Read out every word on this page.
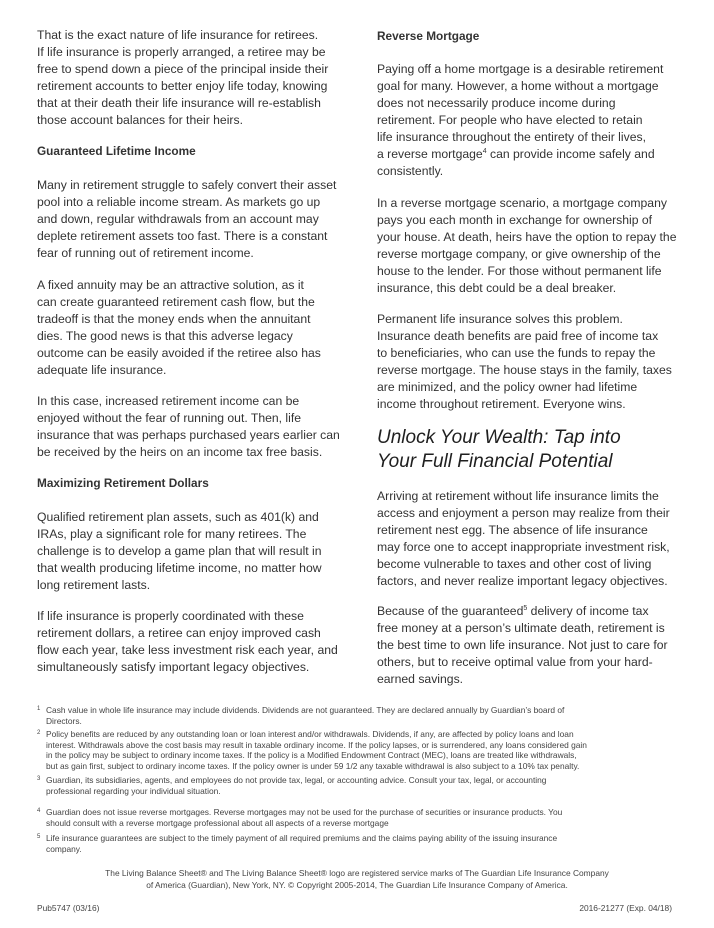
That is the exact nature of life insurance for retirees.
If life insurance is properly arranged, a retiree may be
free to spend down a piece of the principal inside their
retirement accounts to better enjoy life today, knowing
that at their death their life insurance will re-establish
those account balances for their heirs.
Guaranteed Lifetime Income
Many in retirement struggle to safely convert their asset
pool into a reliable income stream. As markets go up
and down, regular withdrawals from an account may
deplete retirement assets too fast. There is a constant
fear of running out of retirement income.
A fixed annuity may be an attractive solution, as it
can create guaranteed retirement cash flow, but the
tradeoff is that the money ends when the annuitant
dies. The good news is that this adverse legacy
outcome can be easily avoided if the retiree also has
adequate life insurance.
In this case, increased retirement income can be
enjoyed without the fear of running out. Then, life
insurance that was perhaps purchased years earlier can
be received by the heirs on an income tax free basis.
Maximizing Retirement Dollars
Qualified retirement plan assets, such as 401(k) and
IRAs, play a significant role for many retirees. The
challenge is to develop a game plan that will result in
that wealth producing lifetime income, no matter how
long retirement lasts.
If life insurance is properly coordinated with these
retirement dollars, a retiree can enjoy improved cash
flow each year, take less investment risk each year, and
simultaneously satisfy important legacy objectives.
Reverse Mortgage
Paying off a home mortgage is a desirable retirement
goal for many. However, a home without a mortgage
does not necessarily produce income during
retirement. For people who have elected to retain
life insurance throughout the entirety of their lives,
a reverse mortgage$^4$ can provide income safely and
consistently.
In a reverse mortgage scenario, a mortgage company
pays you each month in exchange for ownership of
your house. At death, heirs have the option to repay the
reverse mortgage company, or give ownership of the
house to the lender. For those without permanent life
insurance, this debt could be a deal breaker.
Permanent life insurance solves this problem.
Insurance death benefits are paid free of income tax
to beneficiaries, who can use the funds to repay the
reverse mortgage. The house stays in the family, taxes
are minimized, and the policy owner had lifetime
income throughout retirement. Everyone wins.
Unlock Your Wealth: Tap into
Your Full Financial Potential
Arriving at retirement without life insurance limits the
access and enjoyment a person may realize from their
retirement nest egg. The absence of life insurance
may force one to accept inappropriate investment risk,
become vulnerable to taxes and other cost of living
factors, and never realize important legacy objectives.
Because of the guaranteed$^5$ delivery of income tax
free money at a person’s ultimate death, retirement is
the best time to own life insurance. Not just to care for
others, but to receive optimal value from your hard-
earned savings.
1 Cash value in whole life insurance may include dividends. Dividends are not guaranteed. They are declared annually by Guardian’s board of
Directors.
2 Policy benefits are reduced by any outstanding loan or loan interest and/or withdrawals. Dividends, if any, are affected by policy loans and loan
interest. Withdrawals above the cost basis may result in taxable ordinary income. If the policy lapses, or is surrendered, any loans considered gain
in the policy may be subject to ordinary income taxes. If the policy is a Modified Endowment Contract (MEC), loans are treated like withdrawals,
but as gain first, subject to ordinary income taxes. If the policy owner is under 59 1/2 any taxable withdrawal is also subject to a 10% tax penalty.
3 Guardian, its subsidiaries, agents, and employees do not provide tax, legal, or accounting advice. Consult your tax, legal, or accounting
professional regarding your individual situation.
4 Guardian does not issue reverse mortgages. Reverse mortgages may not be used for the purchase of securities or insurance products. You
should consult with a reverse mortgage professional about all aspects of a reverse mortgage
5 Life insurance guarantees are subject to the timely payment of all required premiums and the claims paying ability of the issuing insurance
company.
The Living Balance Sheet® and The Living Balance Sheet® logo are registered service marks of The Guardian Life Insurance Company
of America (Guardian), New York, NY. © Copyright 2005-2014, The Guardian Life Insurance Company of America.
Pub5747 (03/16)	2016-21277 (Exp. 04/18)
